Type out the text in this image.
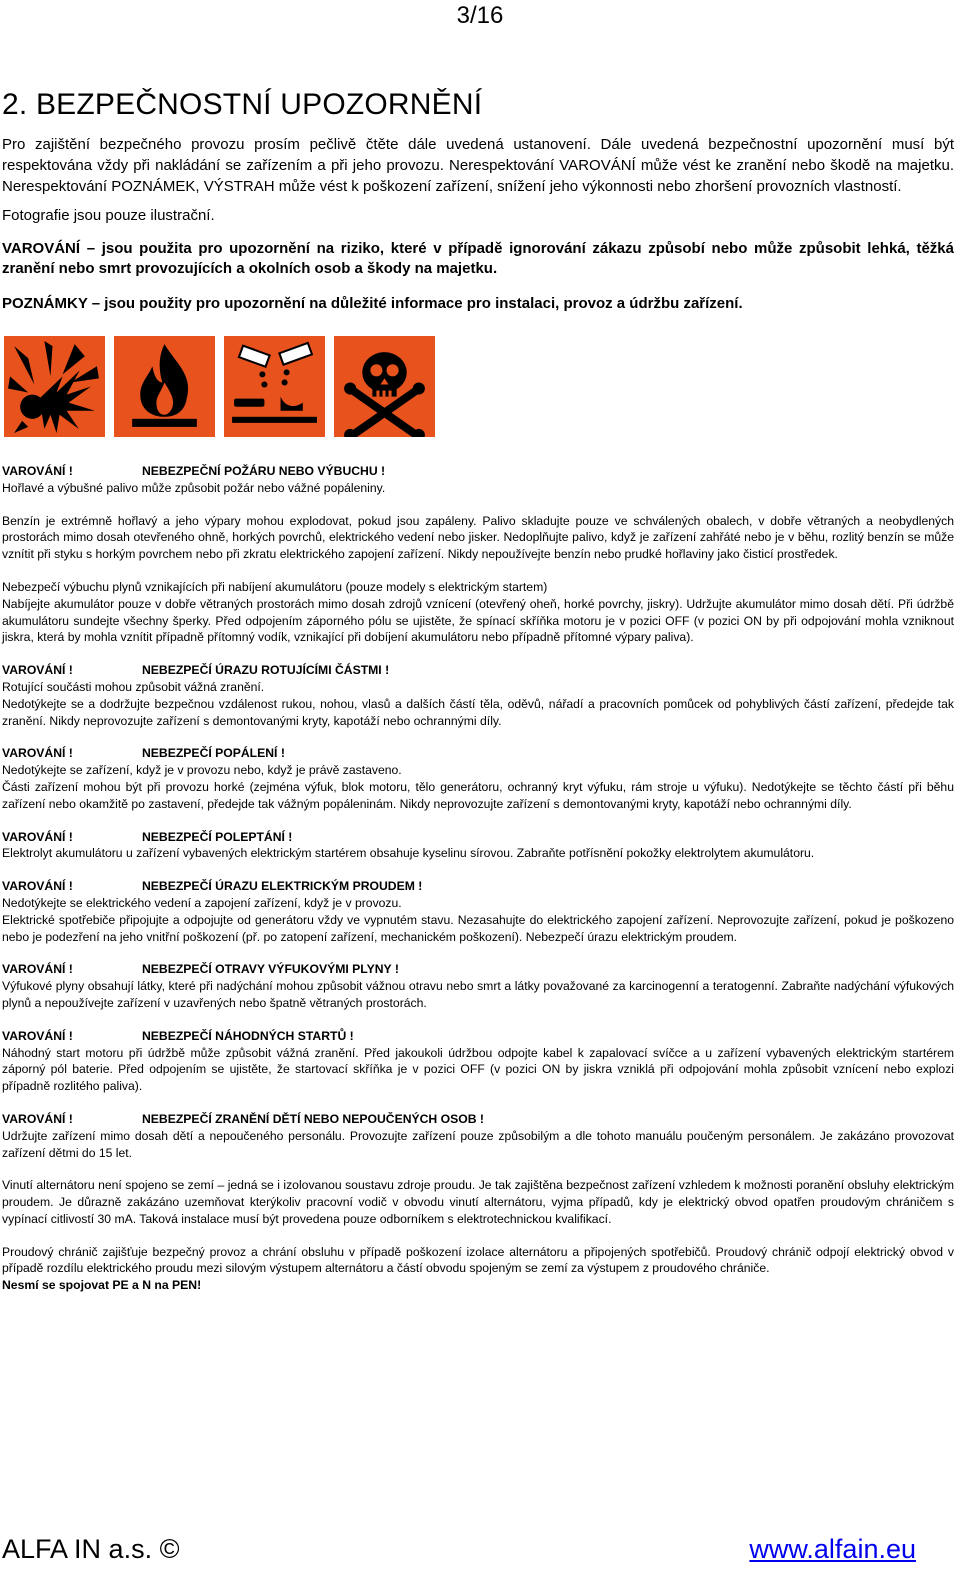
3/16
2. BEZPEČNOSTNÍ UPOZORNĚNÍ

Pro zajištění bezpečného provozu prosím pečlivě čtěte dále uvedená ustanovení. Dále uvedená bezpečnostní upozornění musí být respektována vždy při nakládání se zařízením a při jeho provozu. Nerespektování VAROVÁNÍ může vést ke zranění nebo škodě na majetku. Nerespektování POZNÁMEK, VÝSTRAH může vést k poškození zařízení, snížení jeho výkonnosti nebo zhoršení provozních vlastností.

Fotografie jsou pouze ilustrační.

VAROVÁNÍ – jsou použita pro upozornění na riziko, které v případě ignorování zákazu způsobí nebo může způsobit lehká, těžká zranění nebo smrt provozujících a okolních osob a škody na majetku.

POZNÁMKY – jsou použity pro upozornění na důležité informace pro instalaci, provoz a údržbu zařízení.

VAROVÁNÍ !	NEBEZPEČNÍ POŽÁRU NEBO VÝBUCHU !

Hořlavé a výbušné palivo může způsobit požár nebo vážné popáleniny.

Benzín je extrémně hořlavý a jeho výpary mohou explodovat, pokud jsou zapáleny. Palivo skladujte pouze ve schválených obalech, v dobře větraných a neobydlených prostorách mimo dosah otevřeného ohně, horkých povrchů, elektrického vedení nebo jisker. Nedoplňujte palivo, když je zařízení zahřáté nebo je v běhu, rozlitý benzín se může vznítit při styku s horkým povrchem nebo při zkratu elektrického zapojení zařízení. Nikdy nepoužívejte benzín nebo prudké hořlaviny jako čisticí prostředek.

Nebezpečí výbuchu plynů vznikajících při nabíjení akumulátoru (pouze modely s elektrickým startem)

Nabíjejte akumulátor pouze v dobře větraných prostorách mimo dosah zdrojů vznícení (otevřený oheň, horké povrchy, jiskry). Udržujte akumulátor mimo dosah dětí. Při údržbě akumulátoru sundejte všechny šperky. Před odpojením záporného pólu se ujistěte, že spínací skříňka motoru je v pozici OFF (v pozici ON by při odpojování mohla vzniknout jiskra, která by mohla vznítit případně přítomný vodík, vznikající při dobíjení akumulátoru nebo případně přítomné výpary paliva).

VAROVÁNÍ !	NEBEZPEČÍ ÚRAZU ROTUJÍCÍMI ČÁSTMI !

Rotující součásti mohou způsobit vážná zranění.

Nedotýkejte se a dodržujte bezpečnou vzdálenost rukou, nohou, vlasů a dalších částí těla, oděvů, nářadí a pracovních pomůcek od pohyblivých částí zařízení, předejde tak zranění. Nikdy neprovozujte zařízení s demontovanými kryty, kapotáží nebo ochrannými díly.

VAROVÁNÍ !	NEBEZPEČÍ POPÁLENÍ !

Nedotýkejte se zařízení, když je v provozu nebo, když je právě zastaveno.

Části zařízení mohou být při provozu horké (zejména výfuk, blok motoru, tělo generátoru, ochranný kryt výfuku, rám stroje u výfuku). Nedotýkejte se těchto částí při běhu zařízení nebo okamžitě po zastavení, předejde tak vážným popáleninám. Nikdy neprovozujte zařízení s demontovanými kryty, kapotáží nebo ochrannými díly.

VAROVÁNÍ !	NEBEZPEČÍ POLEPTÁNÍ !

Elektrolyt akumulátoru u zařízení vybavených elektrickým startérem obsahuje kyselinu sírovou. Zabraňte potřísnění pokožky elektrolytem akumulátoru.

VAROVÁNÍ !	NEBEZPEČÍ ÚRAZU ELEKTRICKÝM PROUDEM !

Nedotýkejte se elektrického vedení a zapojení zařízení, když je v provozu.

Elektrické spotřebiče připojujte a odpojujte od generátoru vždy ve vypnutém stavu. Nezasahujte do elektrického zapojení zařízení. Neprovozujte zařízení, pokud je poškozeno nebo je podezření na jeho vnitřní poškození (př. po zatopení zařízení, mechanickém poškození). Nebezpečí úrazu elektrickým proudem.

VAROVÁNÍ !	NEBEZPEČÍ OTRAVY VÝFUKOVÝMI PLYNY !

Výfukové plyny obsahují látky, které při nadýchání mohou způsobit vážnou otravu nebo smrt a látky považované za karcinogenní a teratogenní. Zabraňte nadýchání výfukových plynů a nepoužívejte zařízení v uzavřených nebo špatně větraných prostorách.

VAROVÁNÍ !	NEBEZPEČÍ NÁHODNÝCH STARTŮ !

Náhodný start motoru při údržbě může způsobit vážná zranění. Před jakoukoli údržbou odpojte kabel k zapalovací svíčce a u zařízení vybavených elektrickým startérem záporný pól baterie. Před odpojením se ujistěte, že startovací skříňka je v pozici OFF (v pozici ON by jiskra vzniklá při odpojování mohla způsobit vznícení nebo explozi případně rozlitého paliva).

VAROVÁNÍ !	NEBEZPEČÍ ZRANĚNÍ DĚTÍ NEBO NEPOUČENÝCH OSOB !

Udržujte zařízení mimo dosah dětí a nepoučeného personálu. Provozujte zařízení pouze způsobilým a dle tohoto manuálu poučeným personálem. Je zakázáno provozovat zařízení dětmi do 15 let.

Vinutí alternátoru není spojeno se zemí – jedná se i izolovanou soustavu zdroje proudu. Je tak zajištěna bezpečnost zařízení vzhledem k možnosti poranění obsluhy elektrickým proudem. Je důrazně zakázáno uzemňovat kterýkoliv pracovní vodič v obvodu vinutí alternátoru, vyjma případů, kdy je elektrický obvod opatřen proudovým chráničem s vypínací citlivostí 30 mA. Taková instalace musí být provedena pouze odborníkem s elektrotechnickou kvalifikací.

Proudový chránič zajišťuje bezpečný provoz a chrání obsluhu v případě poškození izolace alternátoru a připojených spotřebičů. Proudový chránič odpojí elektrický obvod v případě rozdílu elektrického proudu mezi silovým výstupem alternátoru a částí obvodu spojeným se zemí za výstupem z proudového chrániče.

Nesmí se spojovat PE a N na PEN!

ALFA IN a.s. ©	www.alfain.eu
